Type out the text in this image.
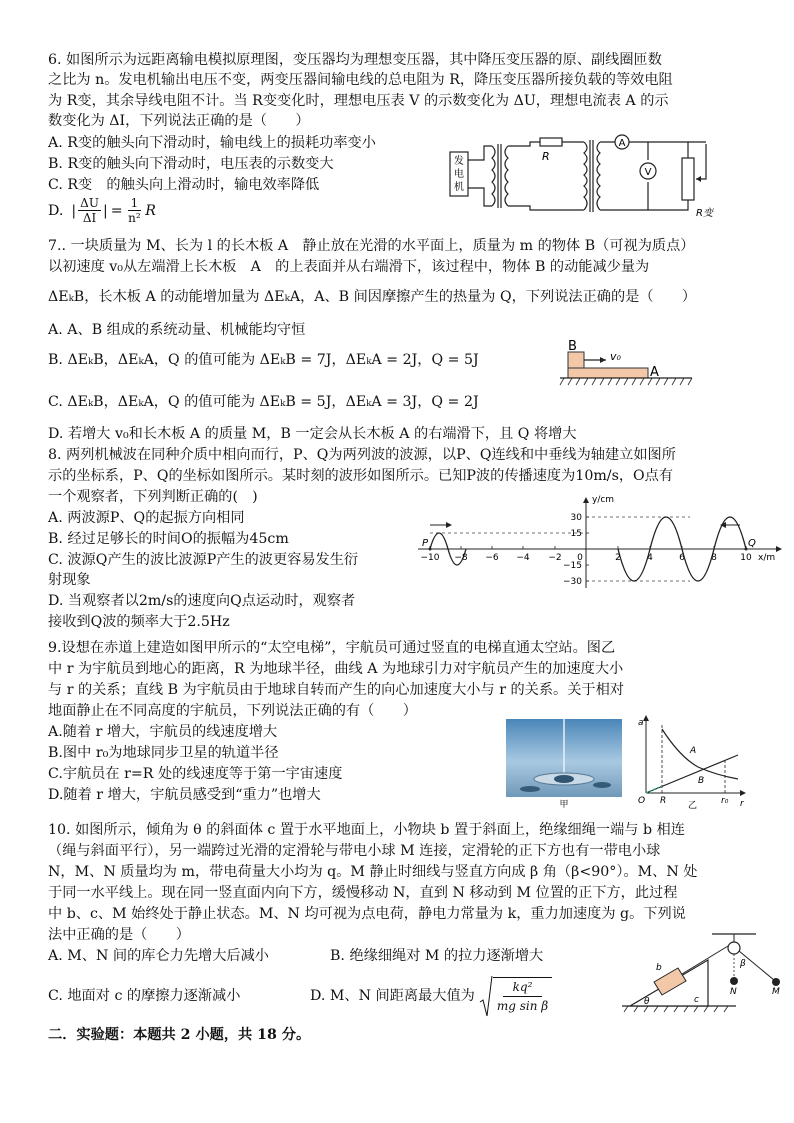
6. 如图所示为远距离输电模拟原理图，变压器均为理想变压器，其中降压变压器的原、副线圈匝数
之比为 n。发电机输出电压不变，两变压器间输电线的总电阻为 R，降压变压器所接负载的等效电阻
为 R变，其余导线电阻不计。当 R变变化时，理想电压表 V 的示数变化为 ΔU，理想电流表 A 的示
数变化为 ΔI，下列说法正确的是（　　）
A. R变的触头向下滑动时，输电线上的损耗功率变小
B. R变的触头向下滑动时，电压表的示数变大
C. R变　的触头向上滑动时，输电效率降低
D. | $\frac{\Delta U}{\Delta I}$ | = $\frac{1}{\text{n²}}$ R
发
电
机
R
A
V
R变
7.. 一块质量为 M、长为 l 的长木板 A　静止放在光滑的水平面上，质量为 m 的物体 B（可视为质点）
以初速度 v₀从左端滑上长木板　A　的上表面并从右端滑下，该过程中，物体 B 的动能减少量为
ΔEₖB，长木板 A 的动能增加量为 ΔEₖA，A、B 间因摩擦产生的热量为 Q，下列说法正确的是（　　）
A. A、B 组成的系统动量、机械能均守恒
B. ΔEₖB，ΔEₖA，Q 的值可能为 ΔEₖB = 7J，ΔEₖA = 2J，Q = 5J
C. ΔEₖB，ΔEₖA，Q 的值可能为 ΔEₖB = 5J，ΔEₖA = 3J，Q = 2J
D. 若增大 v₀和长木板 A 的质量 M，B 一定会从长木板 A 的右端滑下，且 Q 将增大
B
A
v₀
8. 两列机械波在同种介质中相向而行，P、Q为两列波的波源，以P、Q连线和中垂线为轴建立如图所
示的坐标系，P、Q的坐标如图所示。某时刻的波形如图所示。已知P波的传播速度为10m/s，O点有
一个观察者，下列判断正确的(　)
A. 两波源P、Q的起振方向相同
B. 经过足够长的时间O的振幅为45cm
C. 波源Q产生的波比波源P产生的波更容易发生衍
射现象
D. 当观察者以2m/s的速度向Q点运动时，观察者
接收到Q波的频率大于2.5Hz
y/cm
x/m
30
15
−15
−30
−10 −8 −6 −4 −2 0	2	4	6	8	10
P	Q
9.设想在赤道上建造如图甲所示的“太空电梯”，宇航员可通过竖直的电梯直通太空站。图乙
中 r 为宇航员到地心的距离，R 为地球半径，曲线 A 为地球引力对宇航员产生的加速度大小
与 r 的关系；直线 B 为宇航员由于地球自转而产生的向心加速度大小与 r 的关系。关于相对
地面静止在不同高度的宇航员，下列说法正确的有（　　）
A.随着 r 增大，宇航员的线速度增大
B.图中 r₀为地球同步卫星的轨道半径
C.宇航员在 r=R 处的线速度等于第一宇宙速度
D.随着 r 增大，宇航员感受到“重力”也增大
甲
a
r
A
B
O R	r₀
乙
10. 如图所示，倾角为 θ 的斜面体 c 置于水平地面上，小物块 b 置于斜面上，绝缘细绳一端与 b 相连
（绳与斜面平行），另一端跨过光滑的定滑轮与带电小球 M 连接，定滑轮的正下方也有一带电小球
N，M、N 质量均为 m，带电荷量大小均为 q。M 静止时细线与竖直方向成 β 角（β<90°）。M、N 处
于同一水平线上。现在同一竖直面内向下方，缓慢移动 N，直到 N 移动到 M 位置的正下方，此过程
中 b、c、M 始终处于静止状态。M、N 均可视为点电荷，静电力常量为 k，重力加速度为 g。下列说
法中正确的是（　　）
A. M、N 间的库仑力先增大后减小	B. 绝缘细绳对 M 的拉力逐渐增大
C. 地面对 c 的摩擦力逐渐减小	D. M、N 间距离最大值为 $\frac{\text{kq²}}{\text{mg sin β}}$
b
c
θ
β
N	M
二．实验题：本题共 2 小题，共 18 分。
